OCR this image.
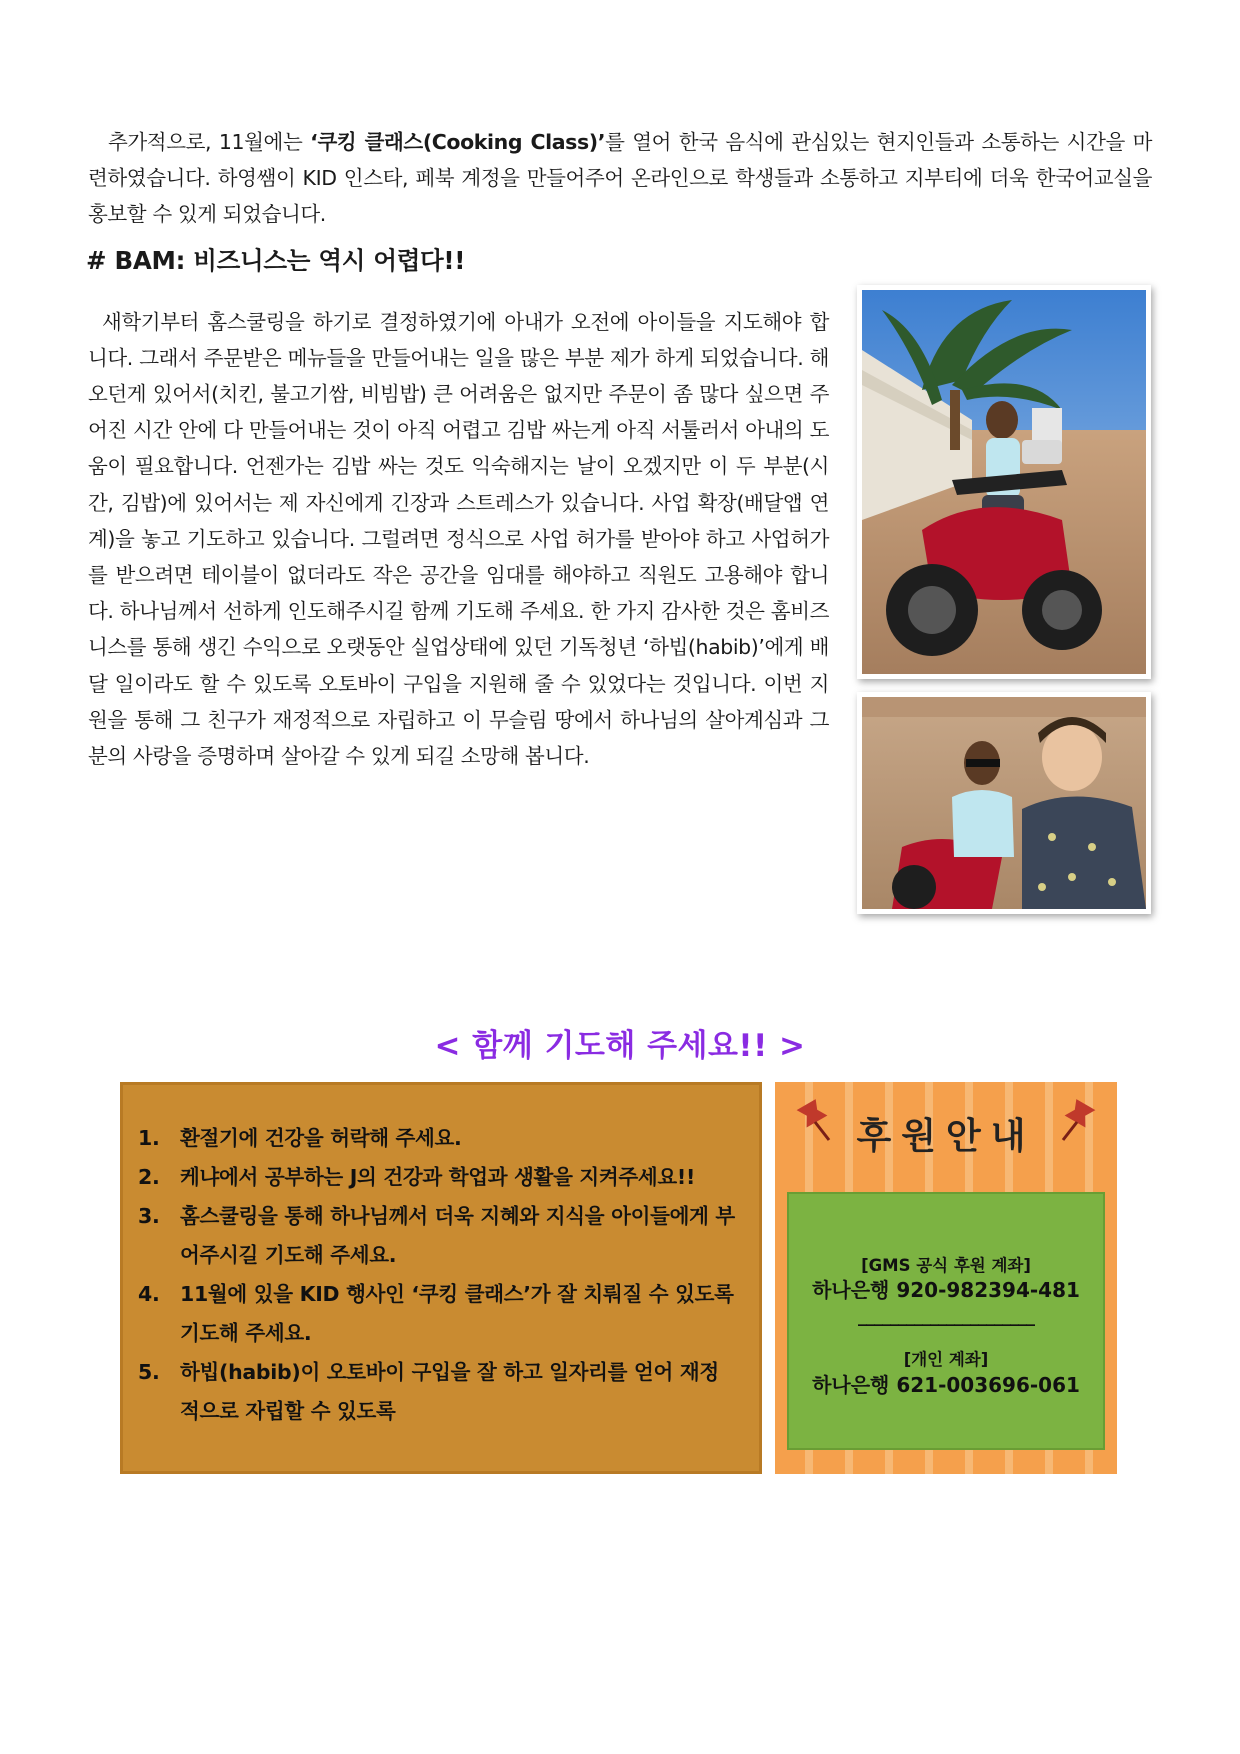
추가적으로, 11월에는 ‘쿠킹 클래스(Cooking Class)’를 열어 한국 음식에 관심있는 현지인들과 소통하는 시간을 마련하였습니다. 하영쌤이 KID 인스타, 페북 계정을 만들어주어 온라인으로 학생들과 소통하고 지부티에 더욱 한국어교실을 홍보할 수 있게 되었습니다.

# BAM: 비즈니스는 역시 어렵다!!

새학기부터 홈스쿨링을 하기로 결정하였기에 아내가 오전에 아이들을 지도해야 합니다. 그래서 주문받은 메뉴들을 만들어내는 일을 많은 부분 제가 하게 되었습니다. 해오던게 있어서(치킨, 불고기쌈, 비빔밥) 큰 어려움은 없지만 주문이 좀 많다 싶으면 주어진 시간 안에 다 만들어내는 것이 아직 어렵고 김밥 싸는게 아직 서툴러서 아내의 도움이 필요합니다. 언젠가는 김밥 싸는 것도 익숙해지는 날이 오겠지만 이 두 부분(시간, 김밥)에 있어서는 제 자신에게 긴장과 스트레스가 있습니다. 사업 확장(배달앱 연계)을 놓고 기도하고 있습니다. 그럴려면 정식으로 사업 허가를 받아야 하고 사업허가를 받으려면 테이블이 없더라도 작은 공간을 임대를 해야하고 직원도 고용해야 합니다. 하나님께서 선하게 인도해주시길 함께 기도해 주세요. 한 가지 감사한 것은 홈비즈니스를 통해 생긴 수익으로 오랫동안 실업상태에 있던 기독청년 ‘하빕(habib)’에게 배달 일이라도 할 수 있도록 오토바이 구입을 지원해 줄 수 있었다는 것입니다. 이번 지원을 통해 그 친구가 재정적으로 자립하고 이 무슬림 땅에서 하나님의 살아계심과 그분의 사랑을 증명하며 살아갈 수 있게 되길 소망해 봅니다.

< 함께 기도해 주세요!! >
1. 환절기에 건강을 허락해 주세요.
2. 케냐에서 공부하는 J의 건강과 학업과 생활을 지켜주세요!!
3. 홈스쿨링을 통해 하나님께서 더욱 지혜와 지식을 아이들에게 부어주시길 기도해 주세요.
4. 11월에 있을 KID 행사인 ‘쿠킹 클래스’가 잘 치뤄질 수 있도록 기도해 주세요.
5. 하빕(habib)이 오토바이 구입을 잘 하고 일자리를 얻어 재정적으로 자립할 수 있도록
후원안내
[GMS 공식 후원 계좌]
하나은행 920-982394-481
______________________
[개인 계좌]
하나은행 621-003696-061
